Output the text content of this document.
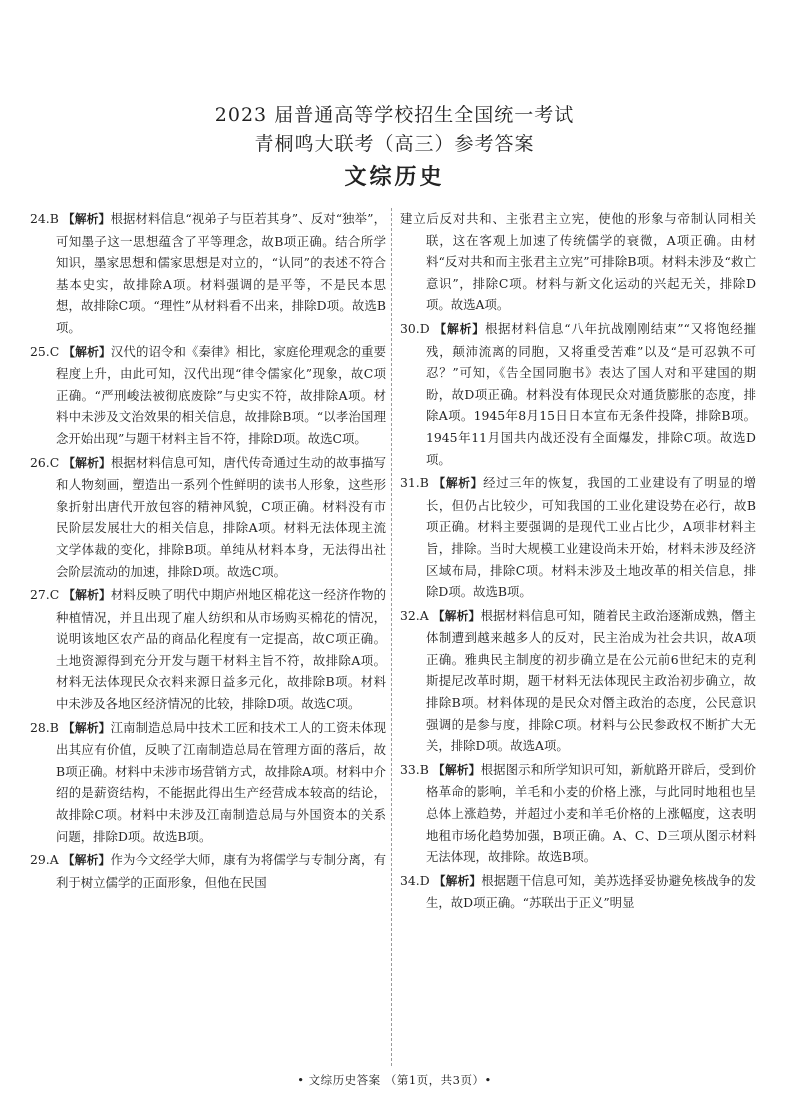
2023 届普通高等学校招生全国统一考试
青桐鸣大联考（高三）参考答案
文综历史

24.B 【解析】根据材料信息“视弟子与臣若其身”、反对“独举”，可知墨子这一思想蕴含了平等理念，故B项正确。结合所学知识，墨家思想和儒家思想是对立的，“认同”的表述不符合基本史实，故排除A项。材料强调的是平等，不是民本思想，故排除C项。“理性”从材料看不出来，排除D项。故选B项。

25.C 【解析】汉代的诏令和《秦律》相比，家庭伦理观念的重要程度上升，由此可知，汉代出现“律令儒家化”现象，故C项正确。“严刑峻法被彻底废除”与史实不符，故排除A项。材料中未涉及文治效果的相关信息，故排除B项。“以孝治国理念开始出现”与题干材料主旨不符，排除D项。故选C项。

26.C 【解析】根据材料信息可知，唐代传奇通过生动的故事描写和人物刻画，塑造出一系列个性鲜明的读书人形象，这些形象折射出唐代开放包容的精神风貌，C项正确。材料没有市民阶层发展壮大的相关信息，排除A项。材料无法体现主流文学体裁的变化，排除B项。单纯从材料本身，无法得出社会阶层流动的加速，排除D项。故选C项。

27.C 【解析】材料反映了明代中期庐州地区棉花这一经济作物的种植情况，并且出现了雇人纺织和从市场购买棉花的情况，说明该地区农产品的商品化程度有一定提高，故C项正确。土地资源得到充分开发与题干材料主旨不符，故排除A项。材料无法体现民众衣料来源日益多元化，故排除B项。材料中未涉及各地区经济情况的比较，排除D项。故选C项。

28.B 【解析】江南制造总局中技术工匠和技术工人的工资未体现出其应有价值，反映了江南制造总局在管理方面的落后，故B项正确。材料中未涉市场营销方式，故排除A项。材料中介绍的是薪资结构，不能据此得出生产经营成本较高的结论，故排除C项。材料中未涉及江南制造总局与外国资本的关系问题，排除D项。故选B项。

29.A 【解析】作为今文经学大师，康有为将儒学与专制分离，有利于树立儒学的正面形象，但他在民国

建立后反对共和、主张君主立宪，使他的形象与帝制认同相关联，这在客观上加速了传统儒学的衰微，A项正确。由材料“反对共和而主张君主立宪”可排除B项。材料未涉及“救亡意识”，排除C项。材料与新文化运动的兴起无关，排除D项。故选A项。

30.D 【解析】根据材料信息“八年抗战刚刚结束”“又将饱经摧残，颠沛流离的同胞，又将重受苦难”以及“是可忍孰不可忍？”可知，《告全国同胞书》表达了国人对和平建国的期盼，故D项正确。材料没有体现民众对通货膨胀的态度，排除A项。1945年8月15日日本宣布无条件投降，排除B项。1945年11月国共内战还没有全面爆发，排除C项。故选D项。

31.B 【解析】经过三年的恢复，我国的工业建设有了明显的增长，但仍占比较少，可知我国的工业化建设势在必行，故B项正确。材料主要强调的是现代工业占比少，A项非材料主旨，排除。当时大规模工业建设尚未开始，材料未涉及经济区域布局，排除C项。材料未涉及土地改革的相关信息，排除D项。故选B项。

32.A 【解析】根据材料信息可知，随着民主政治逐渐成熟，僭主体制遭到越来越多人的反对，民主治成为社会共识，故A项正确。雅典民主制度的初步确立是在公元前6世纪末的克利斯提尼改革时期，题干材料无法体现民主政治初步确立，故排除B项。材料体现的是民众对僭主政治的态度，公民意识强调的是参与度，排除C项。材料与公民参政权不断扩大无关，排除D项。故选A项。

33.B 【解析】根据图示和所学知识可知，新航路开辟后，受到价格革命的影响，羊毛和小麦的价格上涨，与此同时地租也呈总体上涨趋势，并超过小麦和羊毛价格的上涨幅度，这表明地租市场化趋势加强，B项正确。A、C、D三项从图示材料无法体现，故排除。故选B项。

34.D 【解析】根据题干信息可知，美苏选择妥协避免核战争的发生，故D项正确。“苏联出于正义”明显

• 文综历史答案 （第1页，共3页）•
